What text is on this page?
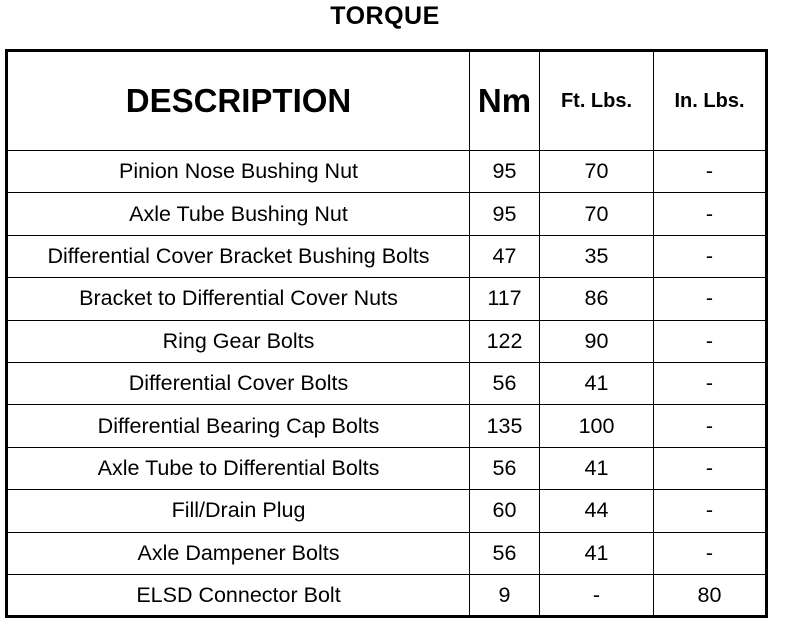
TORQUE
DESCRIPTION	Nm	Ft. Lbs.	In. Lbs.
Pinion Nose Bushing Nut	95	70	-
Axle Tube Bushing Nut	95	70	-
Differential Cover Bracket Bushing Bolts	47	35	-
Bracket to Differential Cover Nuts	117	86	-
Ring Gear Bolts	122	90	-
Differential Cover Bolts	56	41	-
Differential Bearing Cap Bolts	135	100	-
Axle Tube to Differential Bolts	56	41	-
Fill/Drain Plug	60	44	-
Axle Dampener Bolts	56	41	-
ELSD Connector Bolt	9	-	80
